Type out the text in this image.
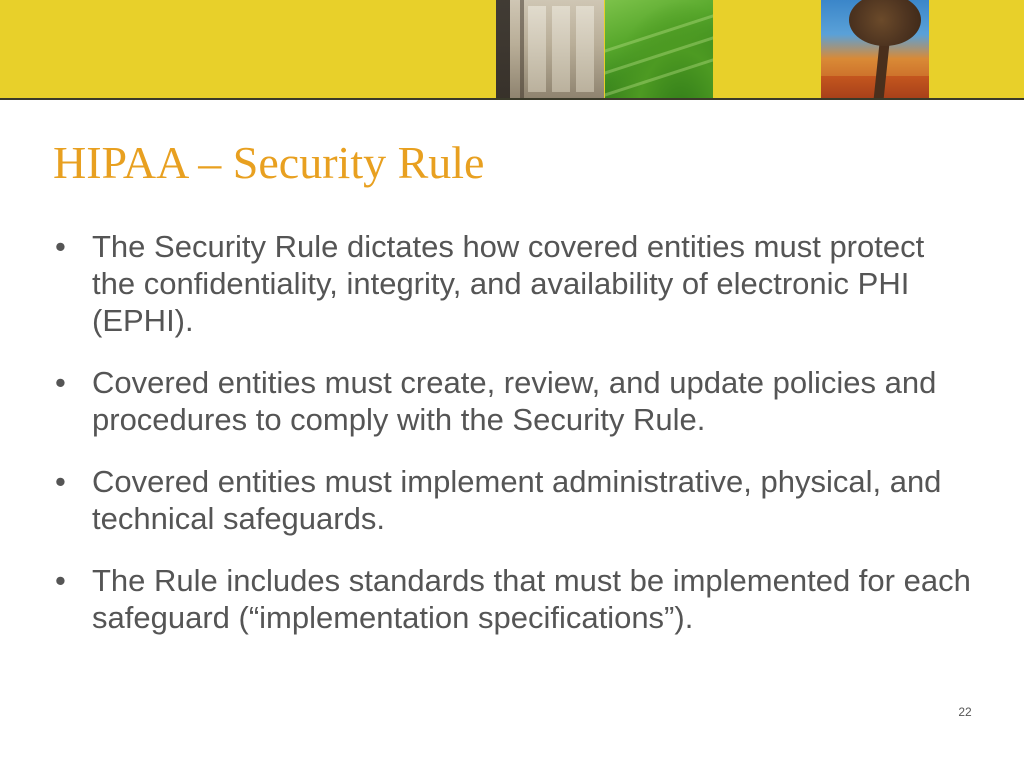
HIPAA – Security Rule
• The Security Rule dictates how covered entities must protect the confidentiality, integrity, and availability of electronic PHI (EPHI).
• Covered entities must create, review, and update policies and procedures to comply with the Security Rule.
• Covered entities must implement administrative, physical, and technical safeguards.
• The Rule includes standards that must be implemented for each safeguard (“implementation specifications”).
22
